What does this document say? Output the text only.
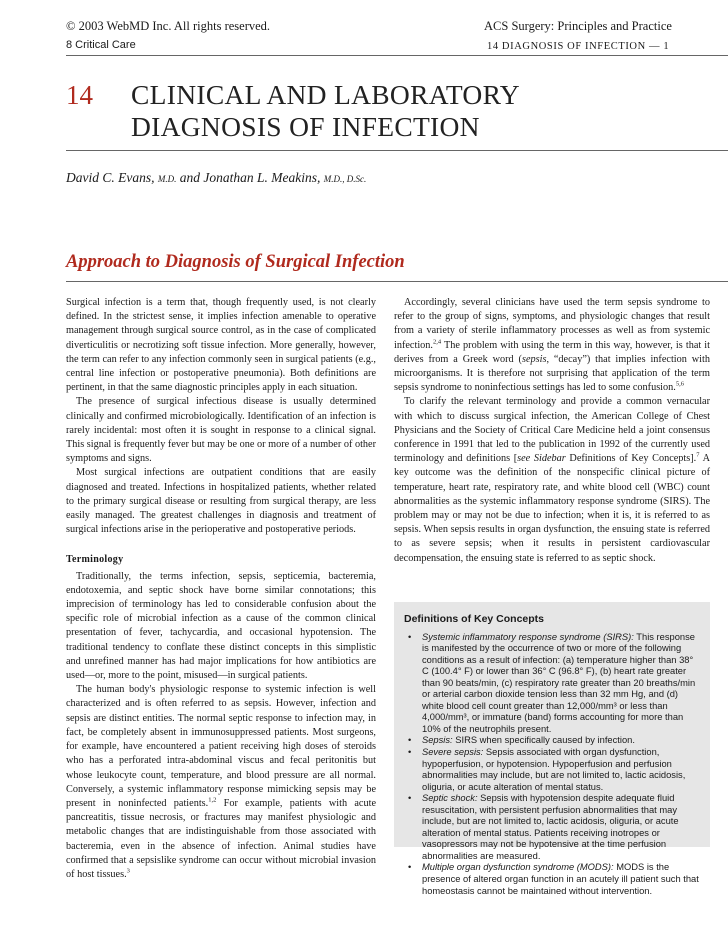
© 2003 WebMD Inc. All rights reserved.
8 Critical Care
ACS Surgery: Principles and Practice
14 DIAGNOSIS OF INFECTION — 1
14 CLINICAL AND LABORATORY
DIAGNOSIS OF INFECTION
David C. Evans, M.D. and Jonathan L. Meakins, M.D., D.Sc.
Approach to Diagnosis of Surgical Infection

Surgical infection is a term that, though frequently used, is not clearly defined. In the strictest sense, it implies infection amenable to operative management through surgical source control, as in the case of complicated diverticulitis or necrotizing soft tissue infection. More generally, however, the term can refer to any infection commonly seen in surgical patients (e.g., central line infection or postoperative pneumonia). Both definitions are pertinent, in that the same diagnostic principles apply in each situation.

The presence of surgical infectious disease is usually determined clinically and confirmed microbiologically. Identification of an infection is rarely incidental: most often it is sought in response to a clinical signal. This signal is frequently fever but may be one or more of a number of other symptoms and signs.

Most surgical infections are outpatient conditions that are easily diagnosed and treated. Infections in hospitalized patients, whether related to the primary surgical disease or resulting from surgical therapy, are less easily managed. The greatest challenges in diagnosis and treatment of surgical infections arise in the perioperative and postoperative periods.

Terminology

Traditionally, the terms infection, sepsis, septicemia, bacteremia, endotoxemia, and septic shock have borne similar connotations; this imprecision of terminology has led to considerable confusion about the specific role of microbial infection as a cause of the common clinical presentation of fever, tachycardia, and occasional hypotension. The traditional tendency to conflate these distinct concepts in this simplistic and unrefined manner has had major implications for how antibiotics are used—or, more to the point, misused—in surgical patients.

The human body's physiologic response to systemic infection is well characterized and is often referred to as sepsis. However, infection and sepsis are distinct entities. The normal septic response to infection may, in fact, be completely absent in immunosuppressed patients. Most surgeons, for example, have encountered a patient receiving high doses of steroids who has a perforated intra-abdominal viscus and fecal peritonitis but whose leukocyte count, temperature, and blood pressure are all normal. Conversely, a systemic inflammatory response mimicking sepsis may be present in noninfected patients.$^{1,2}$ For example, patients with acute pancreatitis, tissue necrosis, or fractures may manifest physiologic and metabolic changes that are indistinguishable from those associated with bacteremia, even in the absence of infection. Animal studies have confirmed that a sepsislike syndrome can occur without microbial invasion of host tissues.$^3$

Accordingly, several clinicians have used the term sepsis syndrome to refer to the group of signs, symptoms, and physiologic changes that result from a variety of sterile inflammatory processes as well as from systemic infection.$^{2,4}$ The problem with using the term in this way, however, is that it derives from a Greek word (sepsis, “decay”) that implies infection with microorganisms. It is therefore not surprising that application of the term sepsis syndrome to noninfectious settings has led to some confusion.$^{5,6}$

To clarify the relevant terminology and provide a common vernacular with which to discuss surgical infection, the American College of Chest Physicians and the Society of Critical Care Medicine held a joint consensus conference in 1991 that led to the publication in 1992 of the currently used terminology and definitions [see Sidebar Definitions of Key Concepts].$^7$ A key outcome was the definition of the nonspecific clinical picture of temperature, heart rate, respiratory rate, and white blood cell (WBC) count abnormalities as the systemic inflammatory response syndrome (SIRS). The problem may or may not be due to infection; when it is, it is referred to as sepsis. When sepsis results in organ dysfunction, the ensuing state is referred to as severe sepsis; when it results in persistent cardiovascular decompensation, the ensuing state is referred to as septic shock.

Definitions of Key Concepts
• Systemic inflammatory response syndrome (SIRS): This response is manifested by the occurrence of two or more of the following conditions as a result of infection: (a) temperature higher than 38° C (100.4° F) or lower than 36° C (96.8° F), (b) heart rate greater than 90 beats/min, (c) respiratory rate greater than 20 breaths/min or arterial carbon dioxide tension less than 32 mm Hg, and (d) white blood cell count greater than 12,000/mm³ or less than 4,000/mm³, or immature (band) forms accounting for more than 10% of the neutrophils present.
• Sepsis: SIRS when specifically caused by infection.
• Severe sepsis: Sepsis associated with organ dysfunction, hypoperfusion, or hypotension. Hypoperfusion and perfusion abnormalities may include, but are not limited to, lactic acidosis, oliguria, or acute alteration of mental status.
• Septic shock: Sepsis with hypotension despite adequate fluid resuscitation, with persistent perfusion abnormalities that may include, but are not limited to, lactic acidosis, oliguria, or acute alteration of mental status. Patients receiving inotropes or vasopressors may not be hypotensive at the time perfusion abnormalities are measured.
• Multiple organ dysfunction syndrome (MODS): MODS is the presence of altered organ function in an acutely ill patient such that homeostasis cannot be maintained without intervention.
